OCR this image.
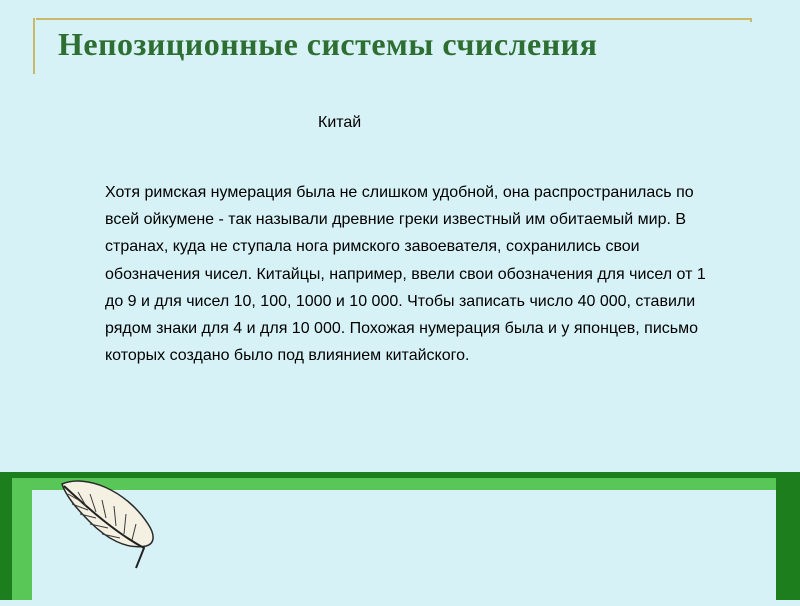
Непозиционные системы счисления

Китай

Хотя римская нумерация была не слишком удобной, она распространилась по всей ойкумене - так называли древние греки известный им обитаемый мир. В странах, куда не ступала нога римского завоевателя, сохранились свои обозначения чисел. Китайцы, например, ввели свои обозначения для чисел от 1 до 9 и для чисел 10, 100, 1000 и 10 000. Чтобы записать число 40 000, ставили рядом знаки для 4 и для 10 000. Похожая нумерация была и у японцев, письмо которых создано было под влиянием китайского.
